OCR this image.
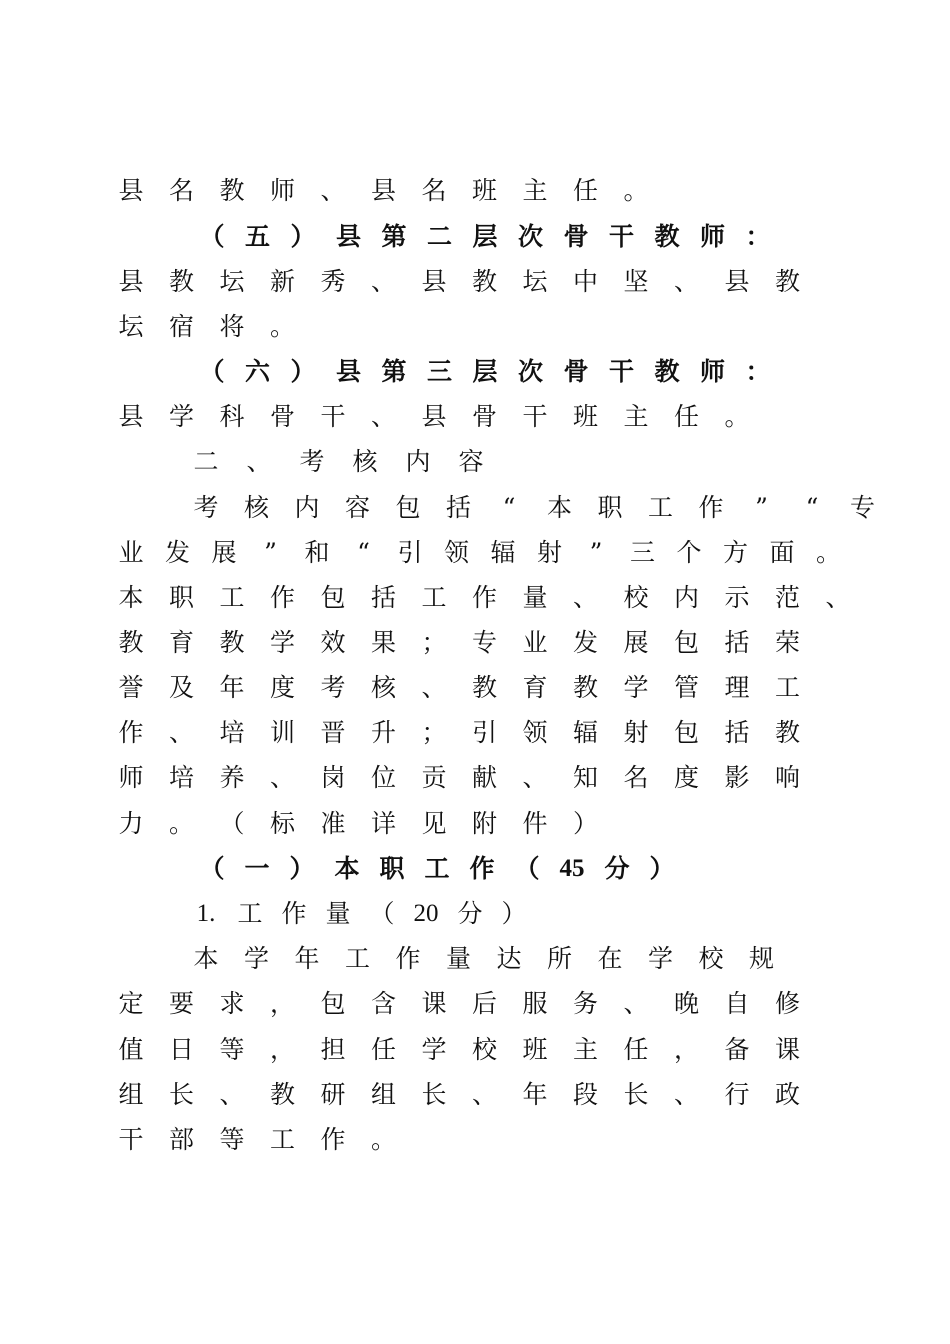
县	名	教	师	、	县	名	班	主	任	。
（ 五 ） 县 第 二 层 次 骨 干 教 师 ：
县	教	坛	新	秀	、	县	教	坛	中	坚	、	县	教
坛	宿	将	。
（ 六 ） 县 第 三 层 次 骨 干 教 师 ：
县	学	科	骨	干	、	县	骨	干	班	主	任	。
二	、	考	核	内	容
考	核	内	容	包	括	“	本	职	工	作	”	“	专
业 发 展	”	和	“	引 领 辐 射	”	三 个 方 面 。
本	职	工	作	包	括	工	作	量	、	校	内	示	范	、
教	育	教	学	效	果	；	专	业	发	展	包	括	荣
誉	及	年	度	考	核	、	教	育	教	学	管	理	工
作	、	培	训	晋	升	；	引	领	辐	射	包	括	教
师	培	养	、	岗	位	贡	献	、	知	名	度	影	响
力	。	（	标	准	详	见	附	件	）
（ 一 ） 本 职 工 作 （ 45 分 ）
1. 工 作 量 （ 20 分 ）
本	学	年	工	作	量	达	所	在	学	校	规
定	要	求	，	包	含	课	后	服	务	、	晚	自	修
值	日	等	，	担	任	学	校	班	主	任	，	备	课
组	长	、	教	研	组	长	、	年	段	长	、	行	政
干	部	等	工	作	。
